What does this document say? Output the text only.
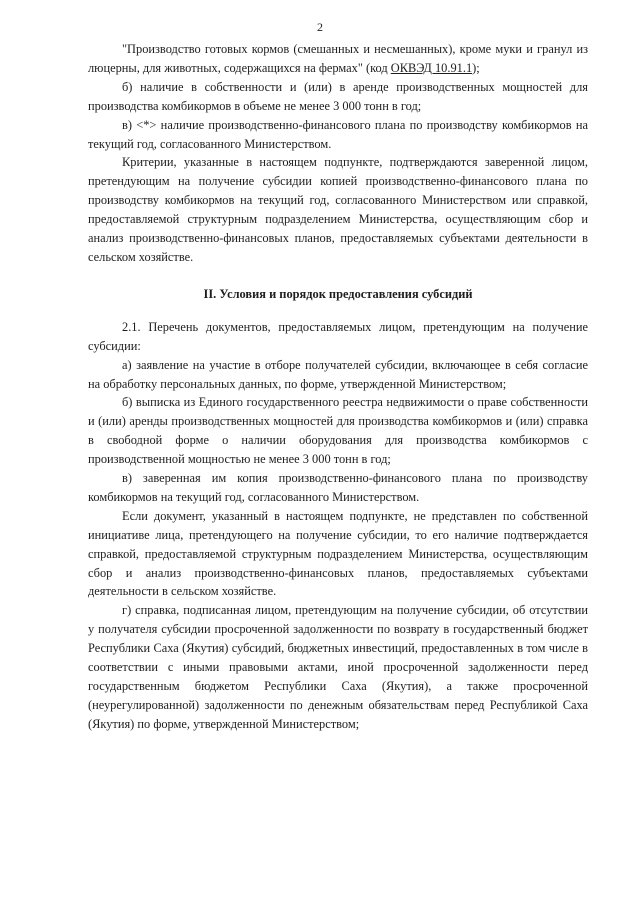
2

"Производство готовых кормов (смешанных и несмешанных), кроме муки и гранул из люцерны, для животных, содержащихся на фермах" (код ОКВЭД 10.91.1);

б) наличие в собственности и (или) в аренде производственных мощностей для производства комбикормов в объеме не менее 3 000 тонн в год;

в) <*> наличие производственно-финансового плана по производству комбикормов на текущий год, согласованного Министерством.

Критерии, указанные в настоящем подпункте, подтверждаются заверенной лицом, претендующим на получение субсидии копией производственно-финансового плана по производству комбикормов на текущий год, согласованного Министерством или справкой, предоставляемой структурным подразделением Министерства, осуществляющим сбор и анализ производственно-финансовых планов, предоставляемых субъектами деятельности в сельском хозяйстве.

II. Условия и порядок предоставления субсидий

2.1. Перечень документов, предоставляемых лицом, претендующим на получение субсидии:

а) заявление на участие в отборе получателей субсидии, включающее в себя согласие на обработку персональных данных, по форме, утвержденной Министерством;

б) выписка из Единого государственного реестра недвижимости о праве собственности и (или) аренды производственных мощностей для производства комбикормов и (или) справка в свободной форме о наличии оборудования для производства комбикормов с производственной мощностью не менее 3 000 тонн в год;

в) заверенная им копия производственно-финансового плана по производству комбикормов на текущий год, согласованного Министерством.

Если документ, указанный в настоящем подпункте, не представлен по собственной инициативе лица, претендующего на получение субсидии, то его наличие подтверждается справкой, предоставляемой структурным подразделением Министерства, осуществляющим сбор и анализ производственно-финансовых планов, предоставляемых субъектами деятельности в сельском хозяйстве.

г) справка, подписанная лицом, претендующим на получение субсидии, об отсутствии у получателя субсидии просроченной задолженности по возврату в государственный бюджет Республики Саха (Якутия) субсидий, бюджетных инвестиций, предоставленных в том числе в соответствии с иными правовыми актами, иной просроченной задолженности перед государственным бюджетом Республики Саха (Якутия), а также просроченной (неурегулированной) задолженности по денежным обязательствам перед Республикой Саха (Якутия) по форме, утвержденной Министерством;
